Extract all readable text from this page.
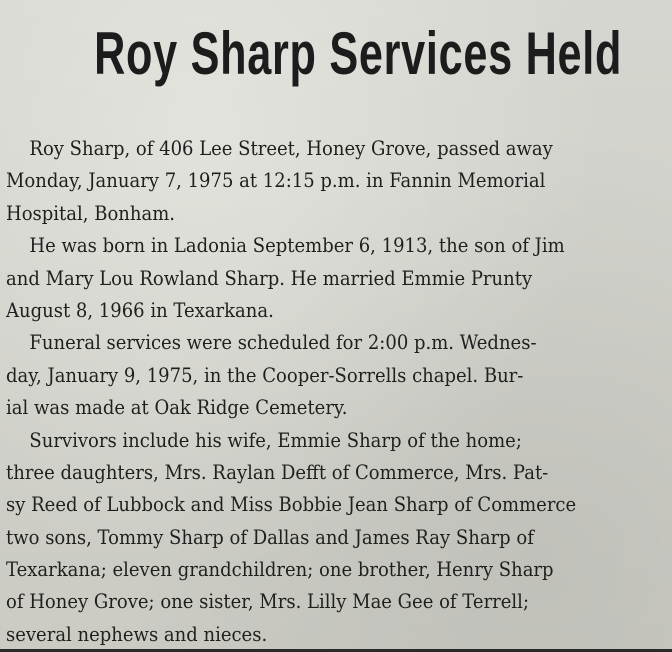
Roy Sharp Services Held
Roy Sharp, of 406 Lee Street, Honey Grove, passed away
Monday, January 7, 1975 at 12:15 p.m. in Fannin Memorial
Hospital, Bonham.
He was born in Ladonia September 6, 1913, the son of Jim
and Mary Lou Rowland Sharp. He married Emmie Prunty
August 8, 1966 in Texarkana.
Funeral services were scheduled for 2:00 p.m. Wednes-
day, January 9, 1975, in the Cooper-Sorrells chapel. Bur-
ial was made at Oak Ridge Cemetery.
Survivors include his wife, Emmie Sharp of the home;
three daughters, Mrs. Raylan Defft of Commerce, Mrs. Pat-
sy Reed of Lubbock and Miss Bobbie Jean Sharp of Commerce
two sons, Tommy Sharp of Dallas and James Ray Sharp of
Texarkana; eleven grandchildren; one brother, Henry Sharp
of Honey Grove; one sister, Mrs. Lilly Mae Gee of Terrell;
several nephews and nieces.
